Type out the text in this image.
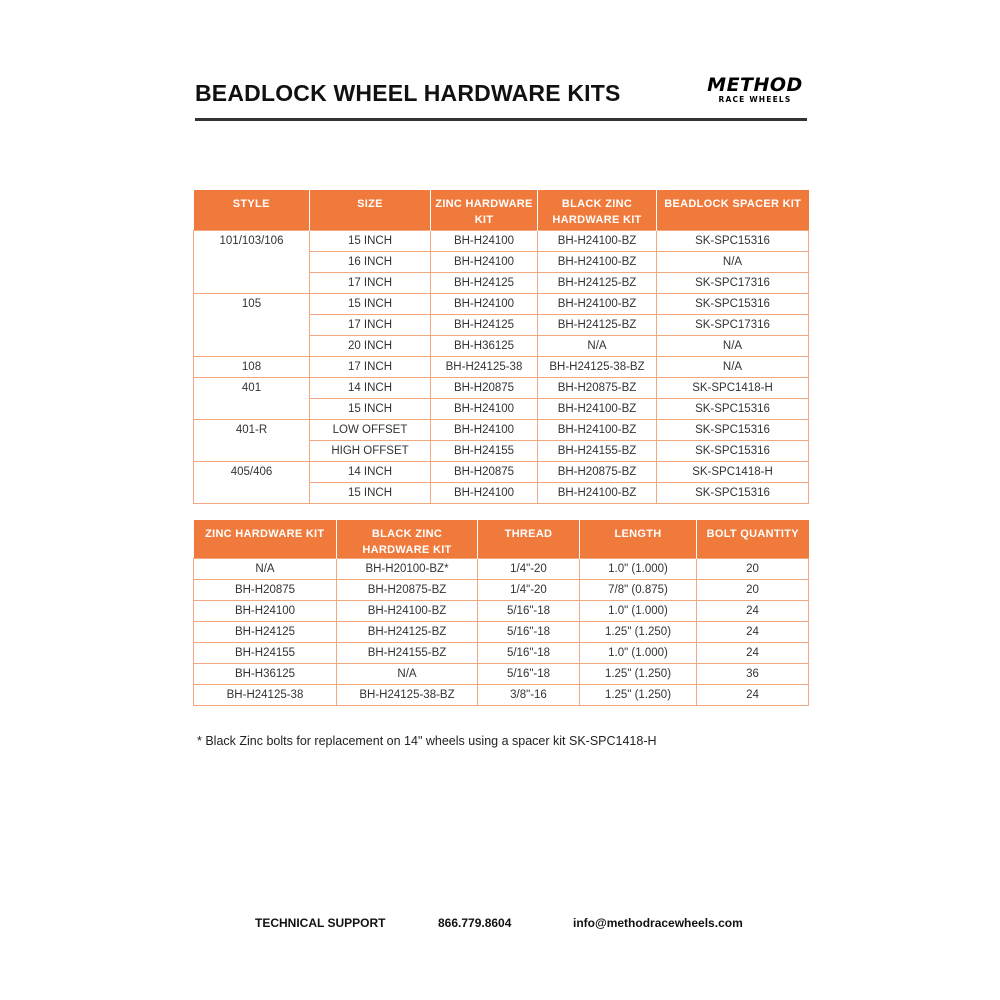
BEADLOCK WHEEL HARDWARE KITS	METHOD
RACE WHEELS
STYLE	SIZE	ZINC HARDWARE KIT	BLACK ZINC HARDWARE KIT	BEADLOCK SPACER KIT
101/103/106	15 INCH	BH-H24100	BH-H24100-BZ	SK-SPC15316
	16 INCH	BH-H24100	BH-H24100-BZ	N/A
	17 INCH	BH-H24125	BH-H24125-BZ	SK-SPC17316
105	15 INCH	BH-H24100	BH-H24100-BZ	SK-SPC15316
	17 INCH	BH-H24125	BH-H24125-BZ	SK-SPC17316
	20 INCH	BH-H36125	N/A	N/A
108	17 INCH	BH-H24125-38	BH-H24125-38-BZ	N/A
401	14 INCH	BH-H20875	BH-H20875-BZ	SK-SPC1418-H
	15 INCH	BH-H24100	BH-H24100-BZ	SK-SPC15316
401-R	LOW OFFSET	BH-H24100	BH-H24100-BZ	SK-SPC15316
	HIGH OFFSET	BH-H24155	BH-H24155-BZ	SK-SPC15316
405/406	14 INCH	BH-H20875	BH-H20875-BZ	SK-SPC1418-H
	15 INCH	BH-H24100	BH-H24100-BZ	SK-SPC15316
ZINC HARDWARE KIT	BLACK ZINC HARDWARE KIT	THREAD	LENGTH	BOLT QUANTITY
N/A	BH-H20100-BZ*	1/4"-20	1.0" (1.000)	20
BH-H20875	BH-H20875-BZ	1/4"-20	7/8" (0.875)	20
BH-H24100	BH-H24100-BZ	5/16"-18	1.0" (1.000)	24
BH-H24125	BH-H24125-BZ	5/16"-18	1.25" (1.250)	24
BH-H24155	BH-H24155-BZ	5/16"-18	1.0" (1.000)	24
BH-H36125	N/A	5/16"-18	1.25" (1.250)	36
BH-H24125-38	BH-H24125-38-BZ	3/8"-16	1.25" (1.250)	24
* Black Zinc bolts for replacement on 14" wheels using a spacer kit SK-SPC1418-H
TECHNICAL SUPPORT	866.779.8604	info@methodracewheels.com
